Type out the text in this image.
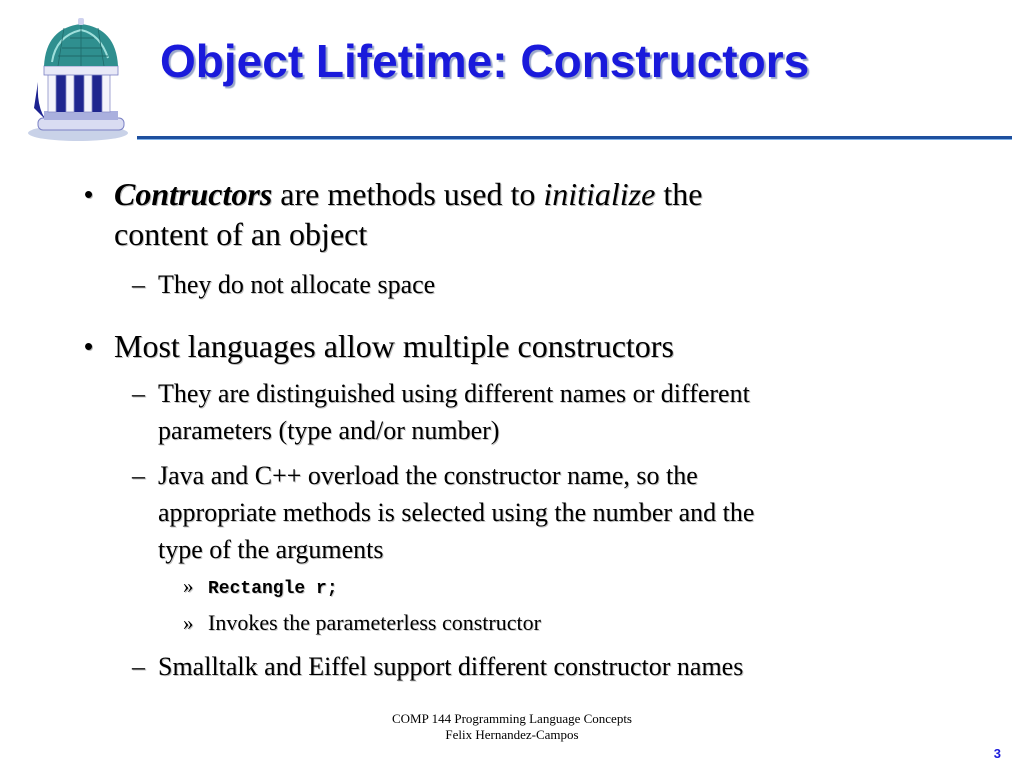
Object Lifetime: Constructors
• Contructors are methods used to initialize the
content of an object
– They do not allocate space
• Most languages allow multiple constructors
– They are distinguished using different names or different
parameters (type and/or number)
– Java and C++ overload the constructor name, so the
appropriate methods is selected using the number and the
type of the arguments
» Rectangle r;
» Invokes the parameterless constructor
– Smalltalk and Eiffel support different constructor names
COMP 144 Programming Language Concepts
Felix Hernandez-Campos
3
